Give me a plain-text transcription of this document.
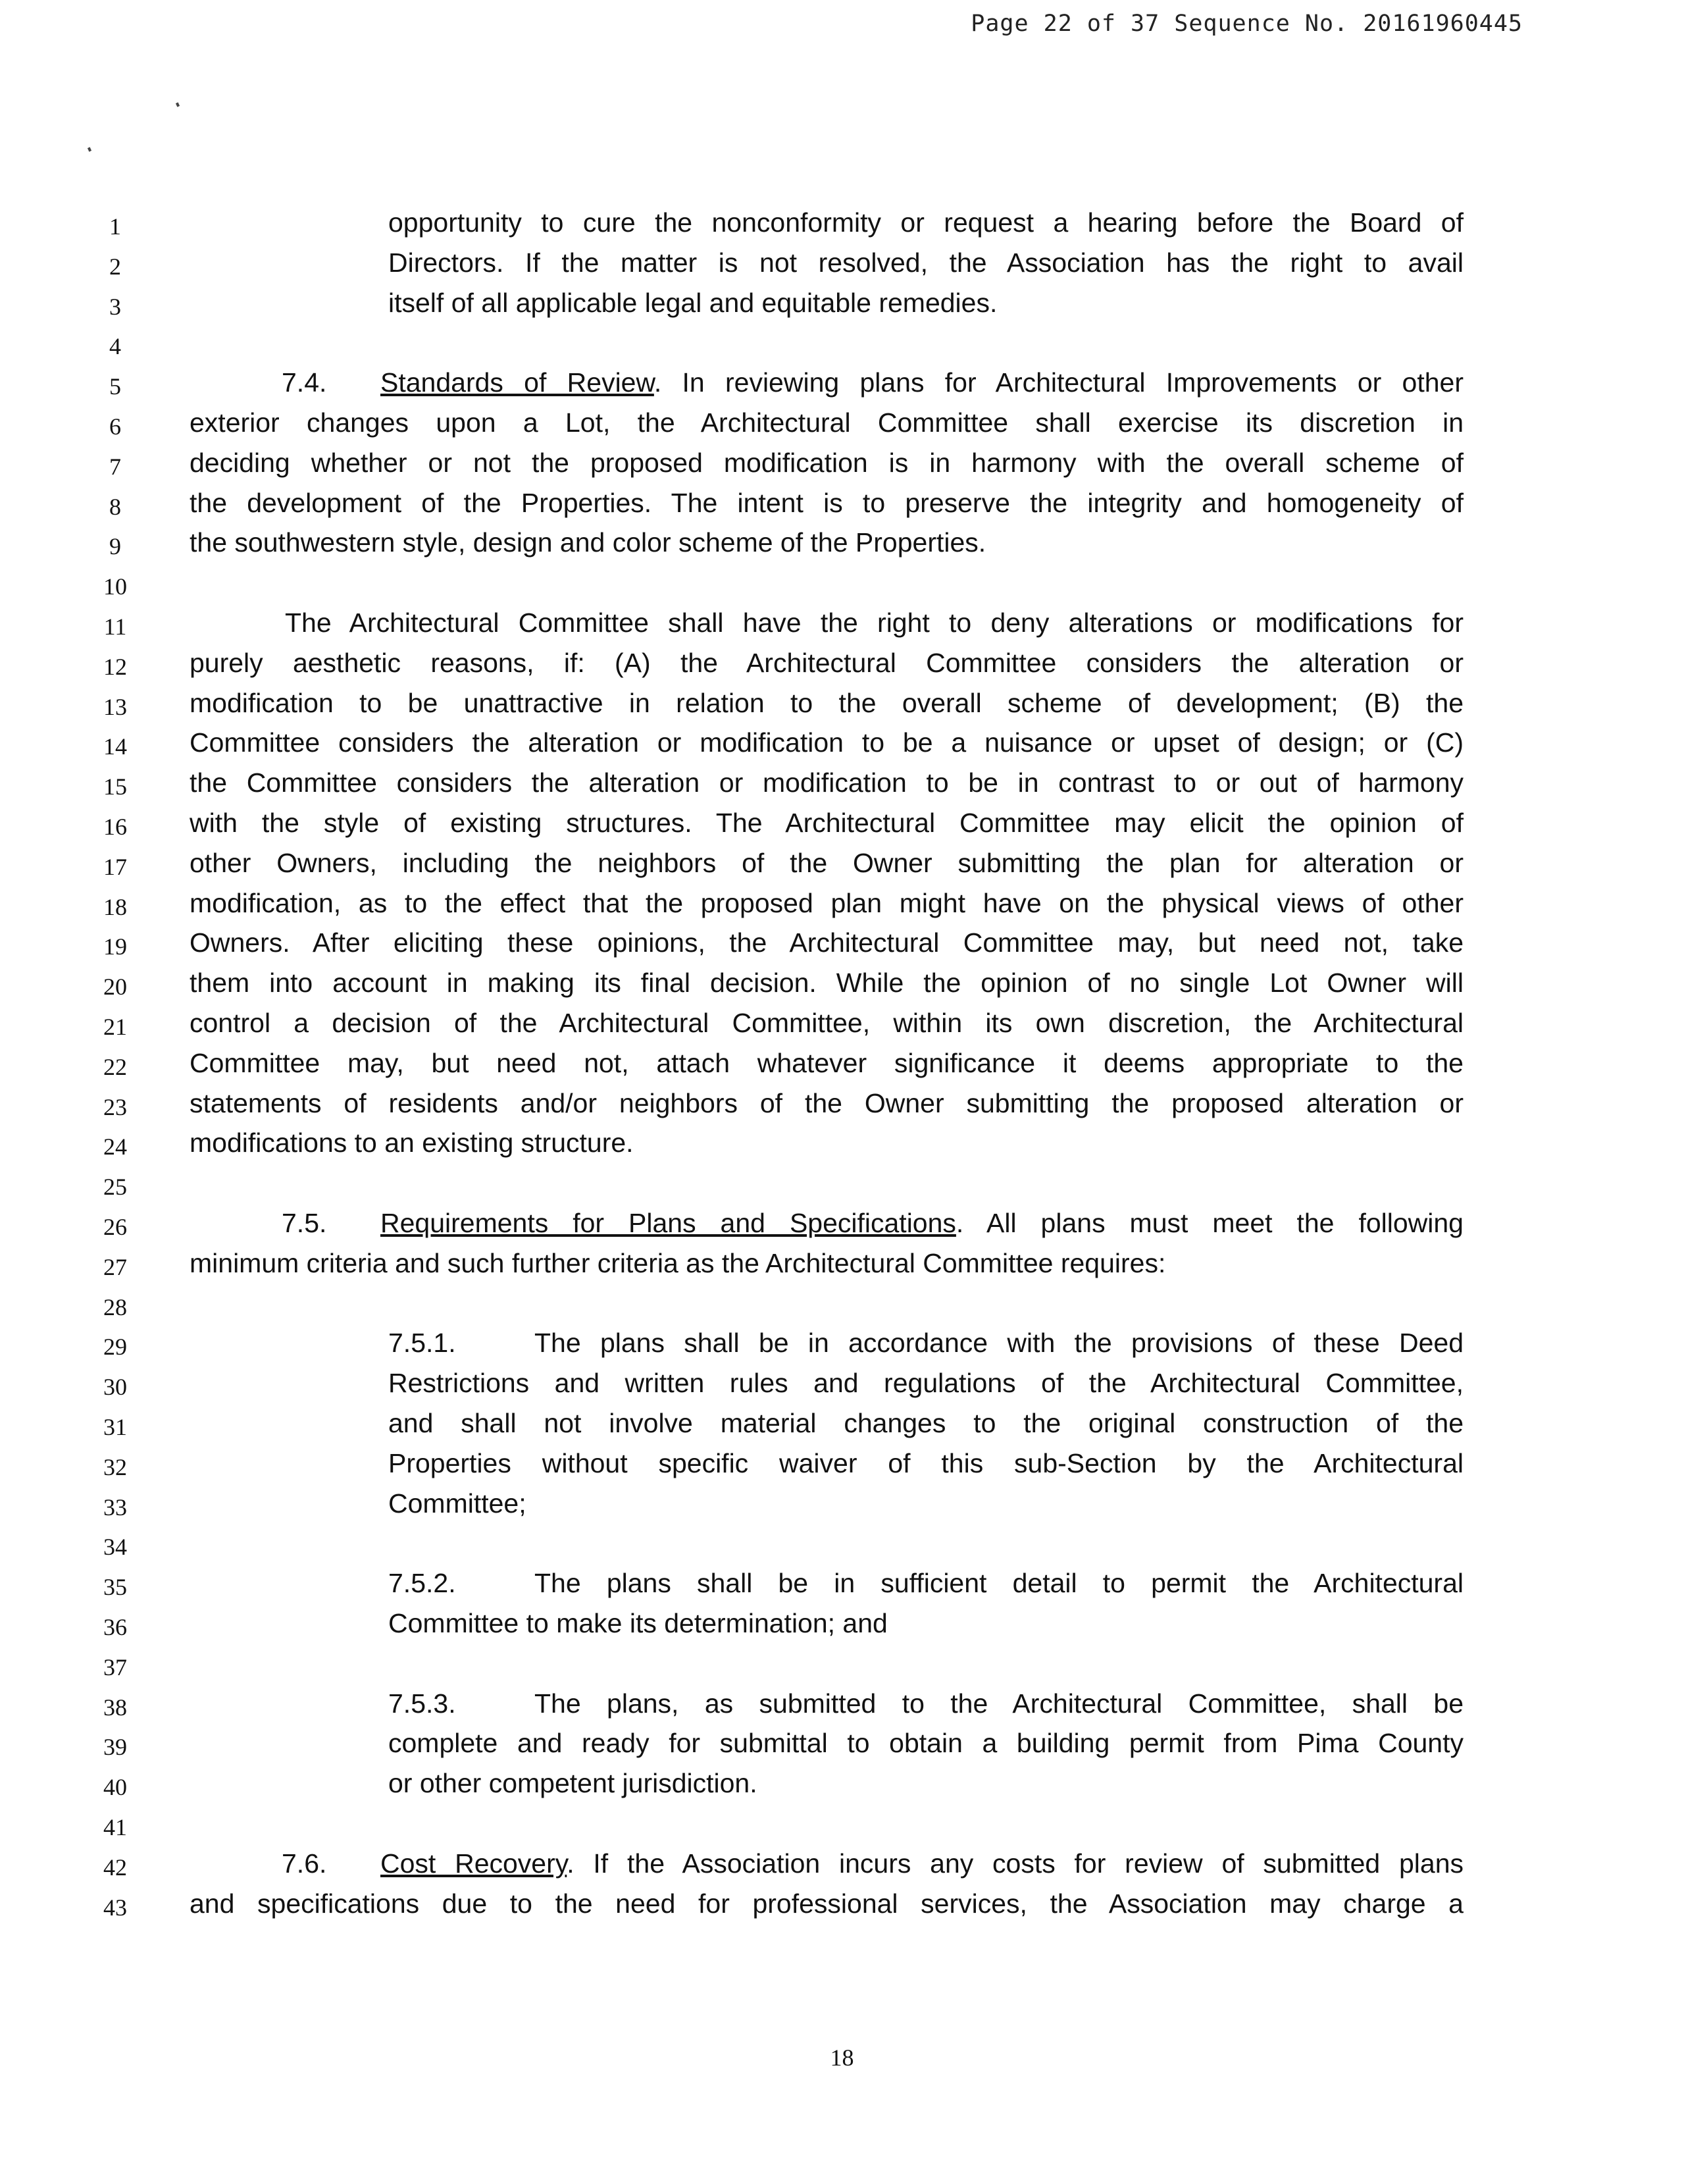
Page 22 of 37 Sequence No. 20161960445
1	opportunity to cure the nonconformity or request a hearing before the Board of
2	Directors. If the matter is not resolved, the Association has the right to avail
3	itself of all applicable legal and equitable remedies.
4
5	7.4. Standards of Review. In reviewing plans for Architectural Improvements or other
6	exterior changes upon a Lot, the Architectural Committee shall exercise its discretion in
7	deciding whether or not the proposed modification is in harmony with the overall scheme of
8	the development of the Properties. The intent is to preserve the integrity and homogeneity of
9	the southwestern style, design and color scheme of the Properties.
10
11	The Architectural Committee shall have the right to deny alterations or modifications for
12	purely aesthetic reasons, if: (A) the Architectural Committee considers the alteration or
13	modification to be unattractive in relation to the overall scheme of development; (B) the
14	Committee considers the alteration or modification to be a nuisance or upset of design; or (C)
15	the Committee considers the alteration or modification to be in contrast to or out of harmony
16	with the style of existing structures. The Architectural Committee may elicit the opinion of
17	other Owners, including the neighbors of the Owner submitting the plan for alteration or
18	modification, as to the effect that the proposed plan might have on the physical views of other
19	Owners. After eliciting these opinions, the Architectural Committee may, but need not, take
20	them into account in making its final decision. While the opinion of no single Lot Owner will
21	control a decision of the Architectural Committee, within its own discretion, the Architectural
22	Committee may, but need not, attach whatever significance it deems appropriate to the
23	statements of residents and/or neighbors of the Owner submitting the proposed alteration or
24	modifications to an existing structure.
25
26	7.5. Requirements for Plans and Specifications. All plans must meet the following
27	minimum criteria and such further criteria as the Architectural Committee requires:
28
29	7.5.1.	The plans shall be in accordance with the provisions of these Deed
30	Restrictions and written rules and regulations of the Architectural Committee,
31	and shall not involve material changes to the original construction of the
32	Properties without specific waiver of this sub-Section by the Architectural
33	Committee;
34
35	7.5.2.	The plans shall be in sufficient detail to permit the Architectural
36	Committee to make its determination; and
37
38	7.5.3.	The plans, as submitted to the Architectural Committee, shall be
39	complete and ready for submittal to obtain a building permit from Pima County
40	or other competent jurisdiction.
41
42	7.6. Cost Recovery. If the Association incurs any costs for review of submitted plans
43	and specifications due to the need for professional services, the Association may charge a
18
